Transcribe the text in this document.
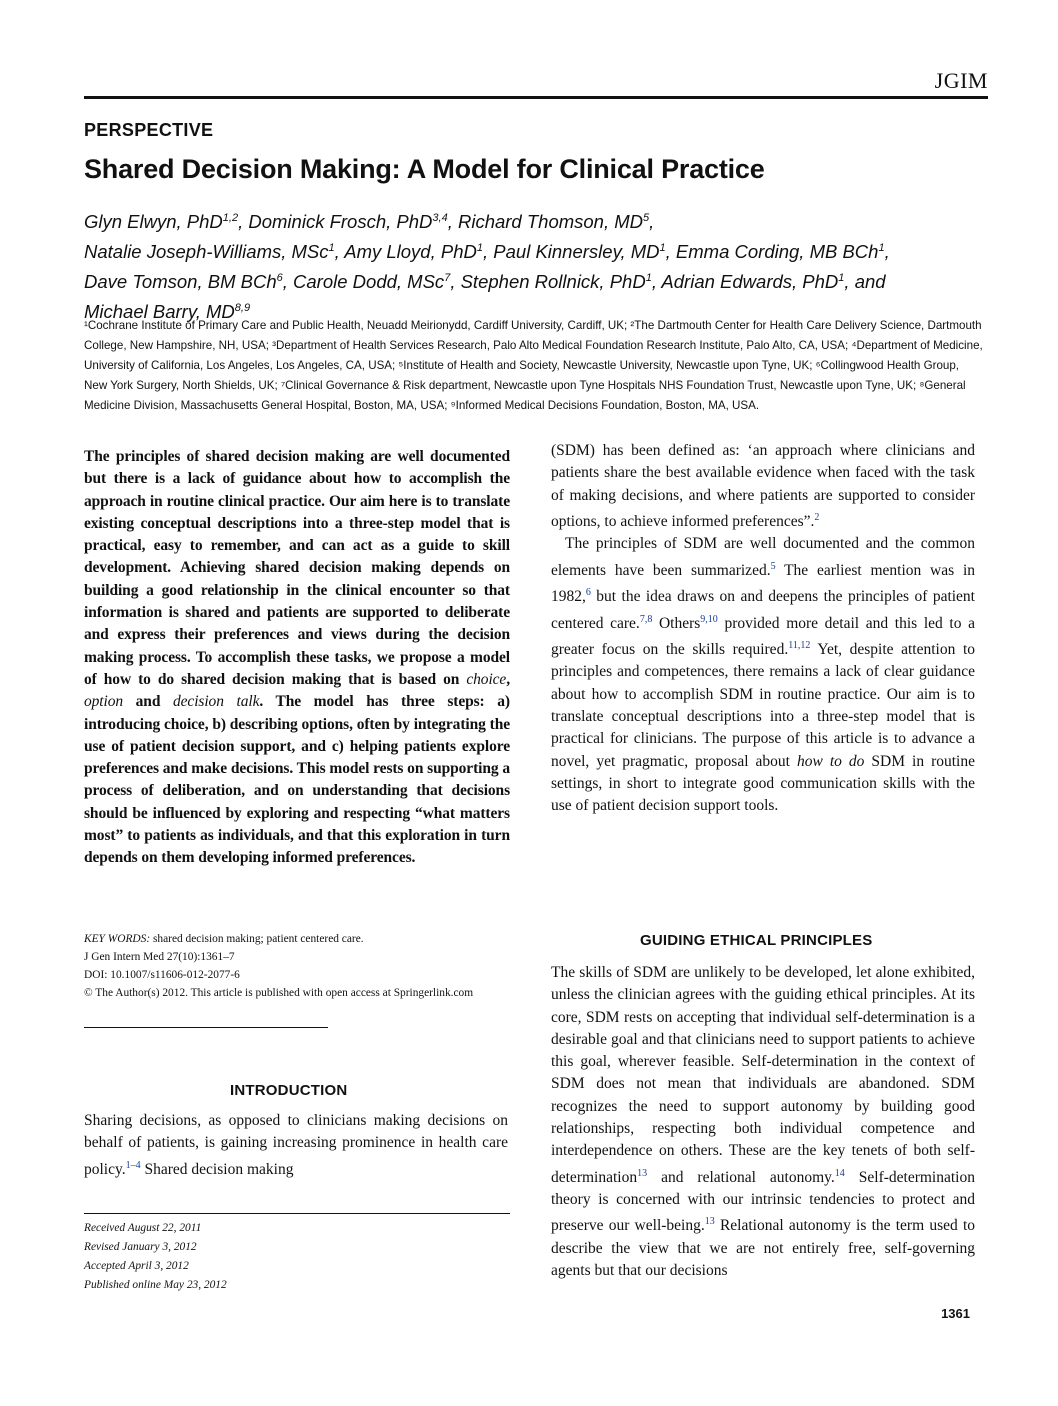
JGIM
PERSPECTIVE
Shared Decision Making: A Model for Clinical Practice
Glyn Elwyn, PhD$^{1,2}$, Dominick Frosch, PhD$^{3,4}$, Richard Thomson, $MD^5$,
Natalie Joseph-Williams, MSc$^1$, Amy Lloyd, PhD$^1$, Paul Kinnersley, $MD^1$, Emma Cording, MB BCh$^1$,
Dave Tomson, BM BCh$^6$, Carole Dodd, MSc$^7$, Stephen Rollnick, PhD$^1$, Adrian Edwards, PhD$^1$, and
Michael Barry, MD$^{8,9}$
¹Cochrane Institute of Primary Care and Public Health, Neuadd Meirionydd, Cardiff University, Cardiff, UK; ²The Dartmouth Center for Health Care Delivery Science, Dartmouth College, New Hampshire, NH, USA; ³Department of Health Services Research, Palo Alto Medical Foundation Research Institute, Palo Alto, CA, USA; ⁴Department of Medicine, University of California, Los Angeles, Los Angeles, CA, USA; ⁵Institute of Health and Society, Newcastle University, Newcastle upon Tyne, UK; ⁶Collingwood Health Group, New York Surgery, North Shields, UK; ⁷Clinical Governance & Risk department, Newcastle upon Tyne Hospitals NHS Foundation Trust, Newcastle upon Tyne, UK; ⁸General Medicine Division, Massachusetts General Hospital, Boston, MA, USA; ⁹Informed Medical Decisions Foundation, Boston, MA, USA.
The principles of shared decision making are well documented but there is a lack of guidance about how to accomplish the approach in routine clinical practice. Our aim here is to translate existing conceptual descriptions into a three-step model that is practical, easy to remember, and can act as a guide to skill development. Achieving shared decision making depends on building a good relationship in the clinical encounter so that information is shared and patients are supported to deliberate and express their preferences and views during the decision making process. To accomplish these tasks, we propose a model of how to do shared decision making that is based on choice, option and decision talk. The model has three steps: a) introducing choice, b) describing options, often by integrating the use of patient decision support, and c) helping patients explore preferences and make decisions. This model rests on supporting a process of deliberation, and on understanding that decisions should be influenced by exploring and respecting “what matters most” to patients as individuals, and that this exploration in turn depends on them developing informed preferences.
KEY WORDS: shared decision making; patient centered care.
J Gen Intern Med 27(10):1361–7
DOI: 10.1007/s11606-012-2077-6
© The Author(s) 2012. This article is published with open access at Springerlink.com
INTRODUCTION
Sharing decisions, as opposed to clinicians making decisions on behalf of patients, is gaining increasing prominence in health care policy.$^{1-4}$ Shared decision making
Received August 22, 2011
Revised January 3, 2012
Accepted April 3, 2012
Published online May 23, 2012

(SDM) has been defined as: ‘an approach where clinicians and patients share the best available evidence when faced with the task of making decisions, and where patients are supported to consider options, to achieve informed preferences”.$^2$

The principles of SDM are well documented and the common elements have been summarized.$^5$ The earliest mention was in 1982,$^6$ but the idea draws on and deepens the principles of patient centered care.$^{7,8}$ Others$^{9,10}$ provided more detail and this led to a greater focus on the skills required.$^{11,12}$ Yet, despite attention to principles and competences, there remains a lack of clear guidance about how to accomplish SDM in routine practice. Our aim is to translate conceptual descriptions into a three-step model that is practical for clinicians. The purpose of this article is to advance a novel, yet pragmatic, proposal about how to do SDM in routine settings, in short to integrate good communication skills with the use of patient decision support tools.

GUIDING ETHICAL PRINCIPLES
The skills of SDM are unlikely to be developed, let alone exhibited, unless the clinician agrees with the guiding ethical principles. At its core, SDM rests on accepting that individual self-determination is a desirable goal and that clinicians need to support patients to achieve this goal, wherever feasible. Self-determination in the context of SDM does not mean that individuals are abandoned. SDM recognizes the need to support autonomy by building good relationships, respecting both individual competence and interdependence on others. These are the key tenets of both self-determination$^{13}$ and relational autonomy.$^{14}$ Self-determination theory is concerned with our intrinsic tendencies to protect and preserve our well-being.$^{13}$ Relational autonomy is the term used to describe the view that we are not entirely free, self-governing agents but that our decisions
1361
